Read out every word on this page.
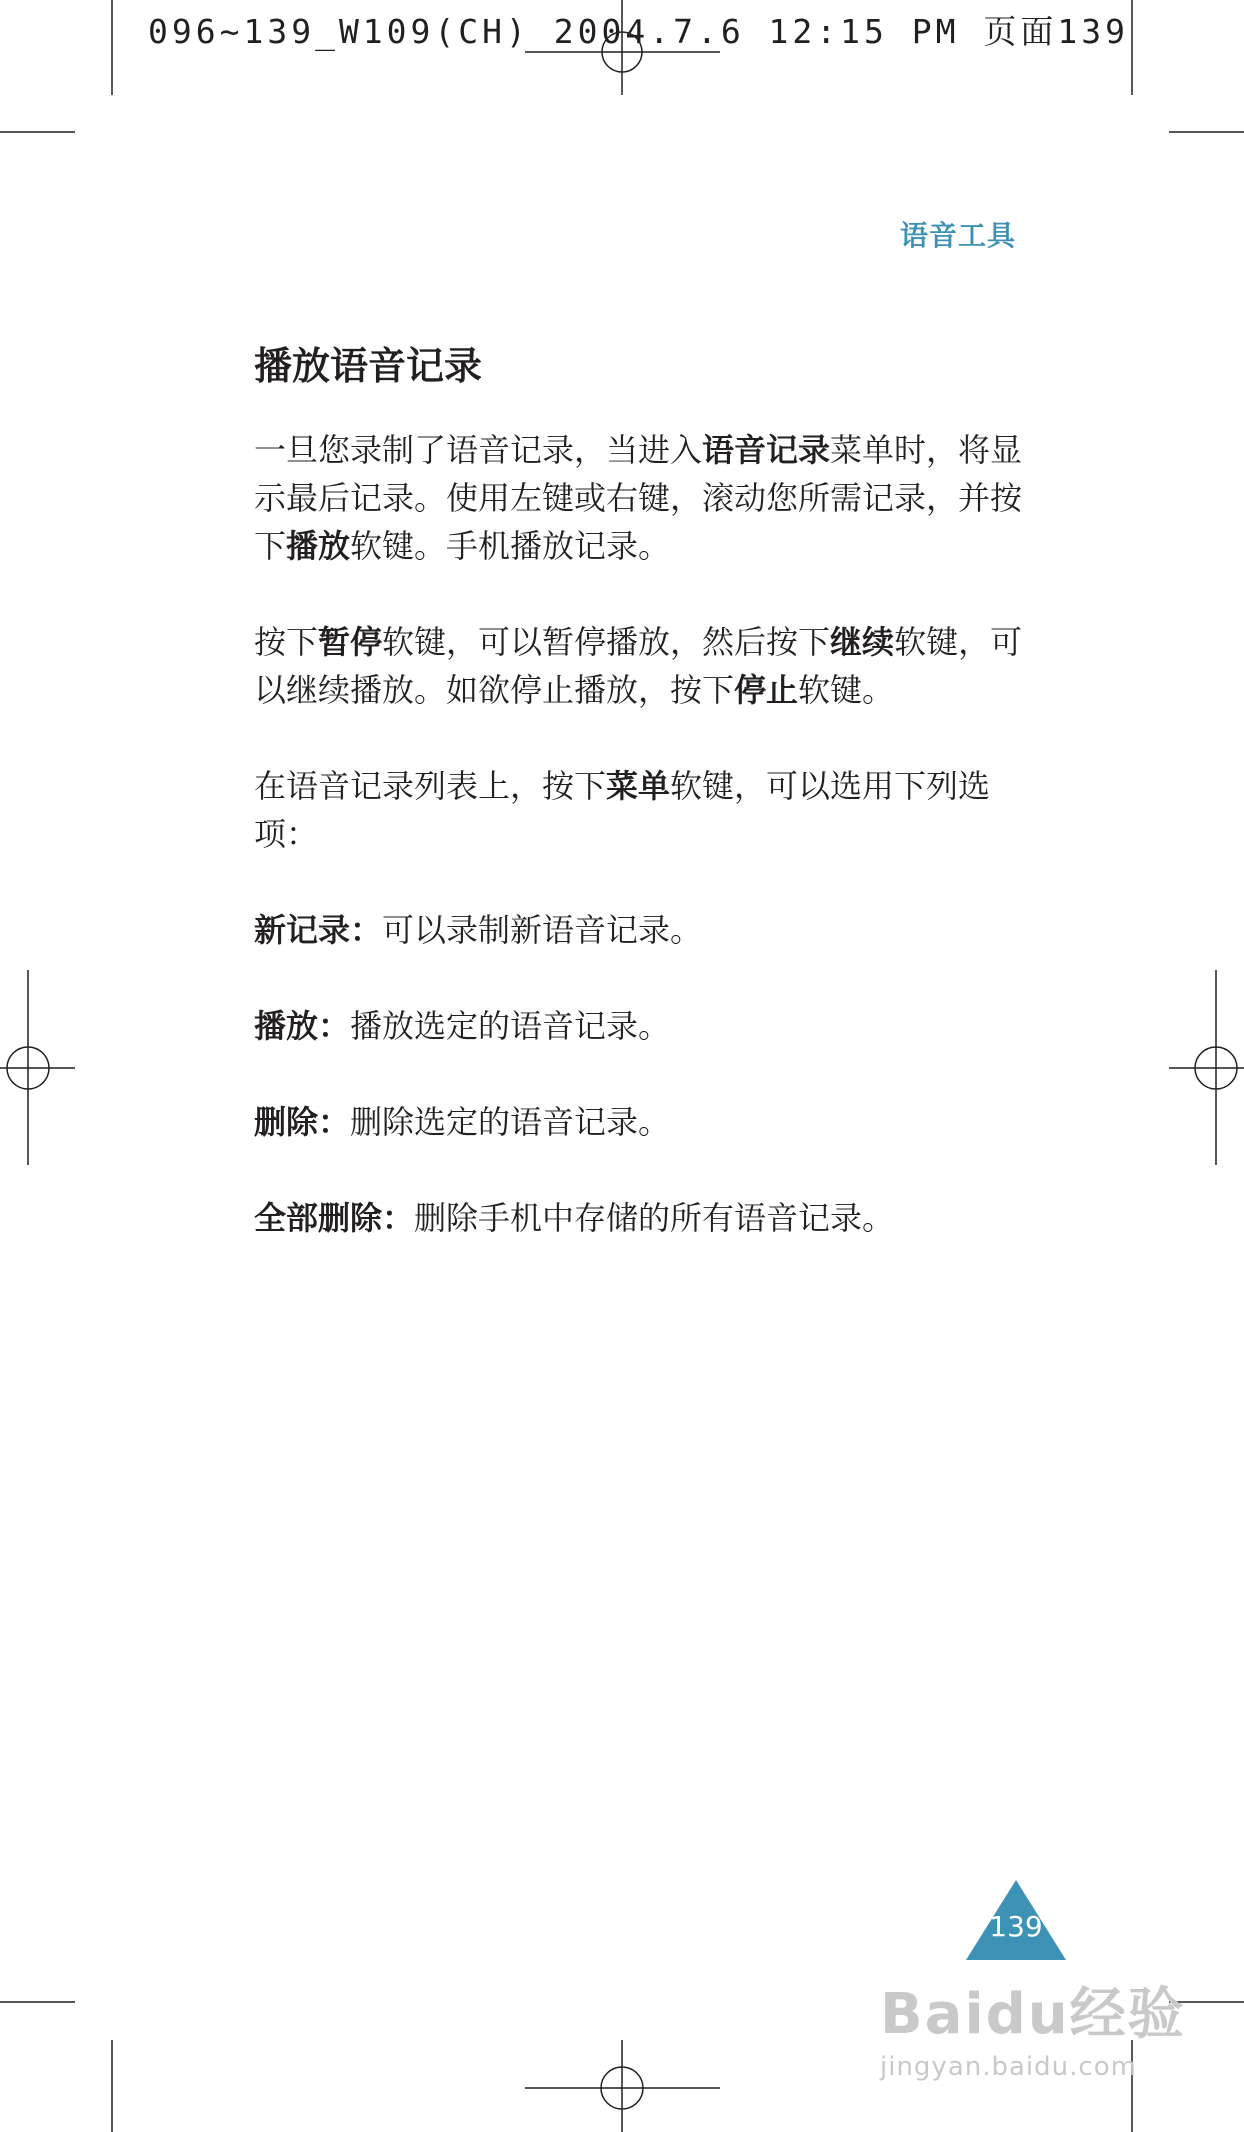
096~139_W109(CH) 2004.7.6 12:15 PM 页面139
语音工具
播放语音记录

一旦您录制了语音记录，当进入语音记录菜单时，将显示最后记录。使用左键或右键，滚动您所需记录，并按下播放软键。手机播放记录。

按下暂停软键，可以暂停播放，然后按下继续软键，可以继续播放。如欲停止播放，按下停止软键。

在语音记录列表上，按下菜单软键，可以选用下列选项：

新记录：可以录制新语音记录。

播放：播放选定的语音记录。

删除：删除选定的语音记录。

全部删除：删除手机中存储的所有语音记录。

139
Baidu经验
jingyan.baidu.com
